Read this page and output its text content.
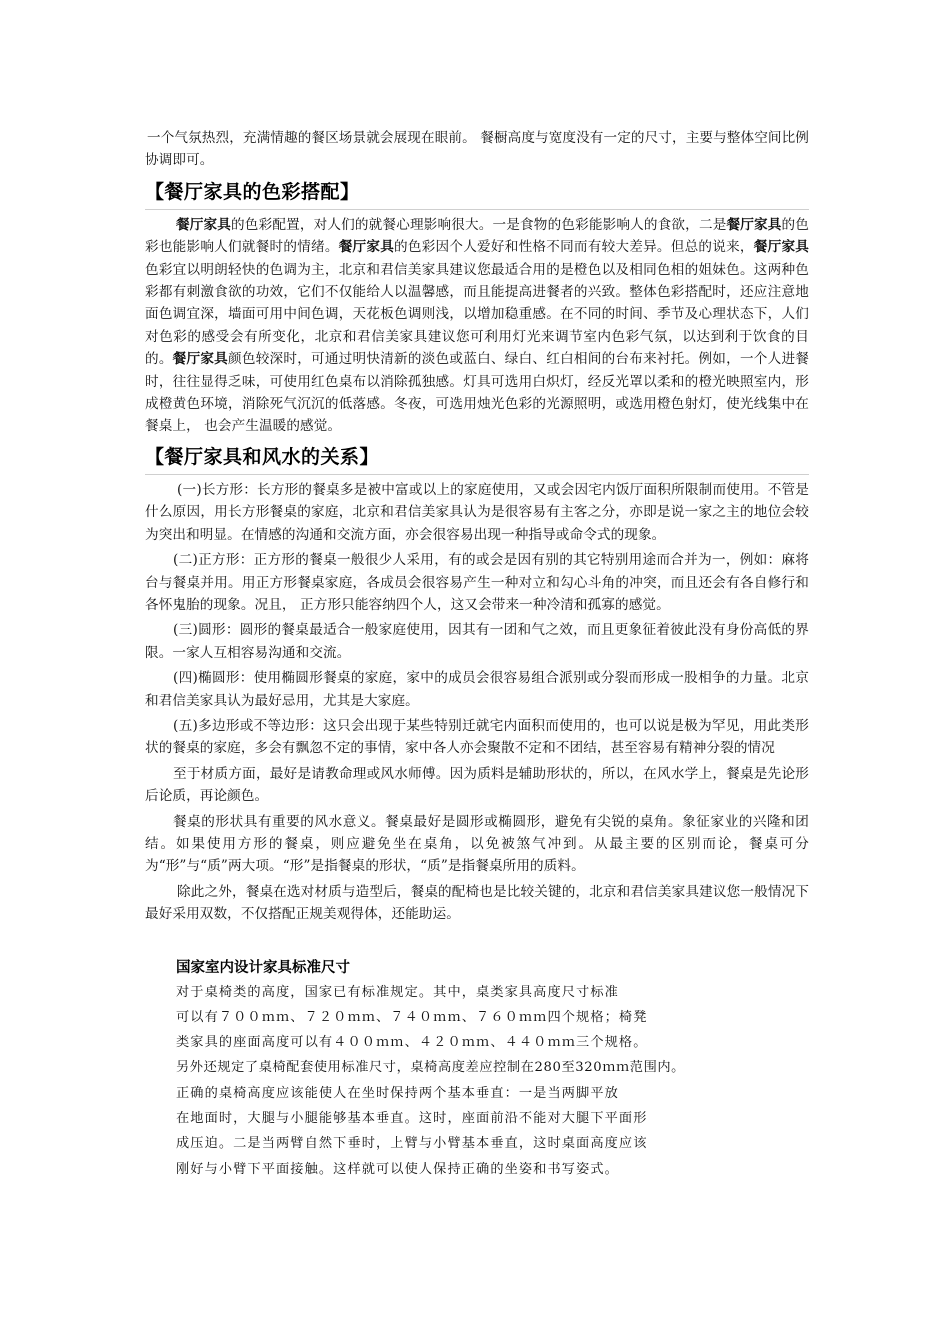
一个气氛热烈，充满情趣的餐区场景就会展现在眼前。 餐橱高度与宽度没有一定的尺寸，主要与整体空间比例协调即可。

【餐厅家具的色彩搭配】

餐厅家具的色彩配置，对人们的就餐心理影响很大。一是食物的色彩能影响人的食欲，二是餐厅家具的色彩也能影响人们就餐时的情绪。餐厅家具的色彩因个人爱好和性格不同而有较大差异。但总的说来，餐厅家具色彩宜以明朗轻快的色调为主，北京和君信美家具建议您最适合用的是橙色以及相同色相的姐妹色。这两种色彩都有刺激食欲的功效，它们不仅能给人以温馨感，而且能提高进餐者的兴致。整体色彩搭配时，还应注意地面色调宜深，墙面可用中间色调，天花板色调则浅，以增加稳重感。在不同的时间、季节及心理状态下，人们对色彩的感受会有所变化，北京和君信美家具建议您可利用灯光来调节室内色彩气氛，以达到利于饮食的目的。餐厅家具颜色较深时，可通过明快清新的淡色或蓝白、绿白、红白相间的台布来衬托。例如，一个人进餐时，往往显得乏味，可使用红色桌布以消除孤独感。灯具可选用白炽灯，经反光罩以柔和的橙光映照室内，形成橙黄色环境，消除死气沉沉的低落感。冬夜，可选用烛光色彩的光源照明，或选用橙色射灯，使光线集中在餐桌上， 也会产生温暖的感觉。

【餐厅家具和风水的关系】

(一)长方形：长方形的餐桌多是被中富或以上的家庭使用，又或会因宅内饭厅面积所限制而使用。不管是什么原因，用长方形餐桌的家庭，北京和君信美家具认为是很容易有主客之分，亦即是说一家之主的地位会较为突出和明显。在情感的沟通和交流方面，亦会很容易出现一种指导或命令式的现象。

(二)正方形：正方形的餐桌一般很少人采用，有的或会是因有别的其它特别用途而合并为一，例如：麻将台与餐桌并用。用正方形餐桌家庭，各成员会很容易产生一种对立和勾心斗角的冲突，而且还会有各自修行和各怀鬼胎的现象。况且， 正方形只能容纳四个人，这又会带来一种冷清和孤寡的感觉。

(三)圆形：圆形的餐桌最适合一般家庭使用，因其有一团和气之效，而且更象征着彼此没有身份高低的界限。一家人互相容易沟通和交流。

(四)椭圆形：使用椭圆形餐桌的家庭，家中的成员会很容易组合派别或分裂而形成一股相争的力量。北京和君信美家具认为最好忌用，尤其是大家庭。

(五)多边形或不等边形：这只会出现于某些特别迁就宅内面积而使用的，也可以说是极为罕见，用此类形状的餐桌的家庭，多会有飘忽不定的事情，家中各人亦会聚散不定和不团结，甚至容易有精神分裂的情况

至于材质方面，最好是请教命理或风水师傅。因为质料是辅助形状的，所以，在风水学上，餐桌是先论形后论质，再论颜色。

餐桌的形状具有重要的风水意义。餐桌最好是圆形或椭圆形，避免有尖锐的桌角。象征家业的兴隆和团结。如果使用方形的餐桌，则应避免坐在桌角，以免被煞气冲到。从最主要的区别而论，餐桌可分为“形”与“质”两大项。“形”是指餐桌的形状，“质”是指餐桌所用的质料。

除此之外，餐桌在选对材质与造型后，餐桌的配椅也是比较关键的，北京和君信美家具建议您一般情况下最好采用双数，不仅搭配正规美观得体，还能助运。

国家室内设计家具标准尺寸

对于桌椅类的高度，国家已有标准规定。其中，桌类家具高度尺寸标准

可以有７００ｍｍ、７２０ｍｍ、７４０ｍｍ、７６０ｍｍ四个规格；椅凳

类家具的座面高度可以有４００ｍｍ、４２０ｍｍ、４４０ｍｍ三个规格。

另外还规定了桌椅配套使用标准尺寸，桌椅高度差应控制在280至320ｍｍ范围内。

正确的桌椅高度应该能使人在坐时保持两个基本垂直：一是当两脚平放

在地面时，大腿与小腿能够基本垂直。这时，座面前沿不能对大腿下平面形

成压迫。二是当两臂自然下垂时，上臂与小臂基本垂直，这时桌面高度应该

刚好与小臂下平面接触。这样就可以使人保持正确的坐姿和书写姿式。
